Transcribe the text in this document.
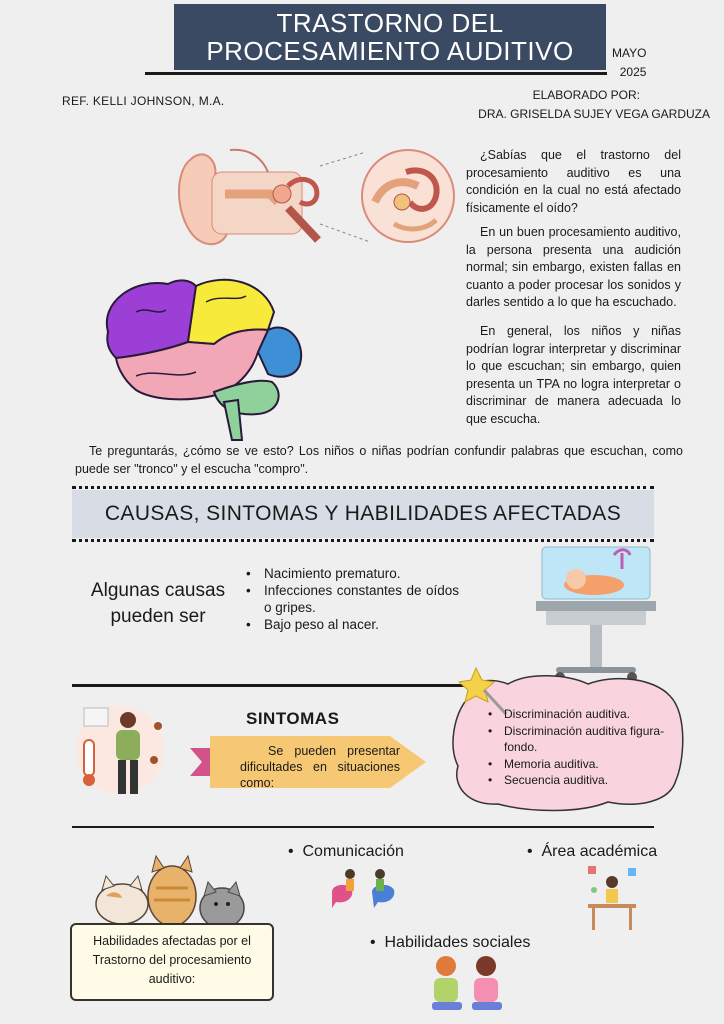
TRASTORNO DEL
PROCESAMIENTO AUDITIVO	MAYO
2025
REF. KELLI JOHNSON, M.A.	ELABORADO POR:
DRA. GRISELDA SUJEY VEGA GARDUZA

¿Sabías que el trastorno del procesamiento auditivo es una condición en la cual no está afectado físicamente el oído?

En un buen procesamiento auditivo, la persona presenta una audición normal; sin embargo, existen fallas en cuanto a poder procesar los sonidos y darles sentido a lo que ha escuchado.

En general, los niños y niñas podrían lograr interpretar y discriminar lo que escuchan; sin embargo, quien presenta un TPA no logra interpretar o discriminar de manera adecuada lo que escucha.

Te preguntarás, ¿cómo se ve esto? Los niños o niñas podrían confundir palabras que escuchan, como puede ser "tronco" y el escucha "compro".

CAUSAS, SINTOMAS Y HABILIDADES AFECTADAS
Algunas causas pueden ser
• Nacimiento prematuro.
• Infecciones constantes de oídos o gripes.
• Bajo peso al nacer.
SINTOMAS
Se pueden presentar dificultades en situaciones como:
• Discriminación auditiva.
• Discriminación auditiva figura-fondo.
• Memoria auditiva.
• Secuencia auditiva.
•  Comunicación	•  Área académica
•  Habilidades sociales
Habilidades afectadas por el Trastorno del procesamiento auditivo:
